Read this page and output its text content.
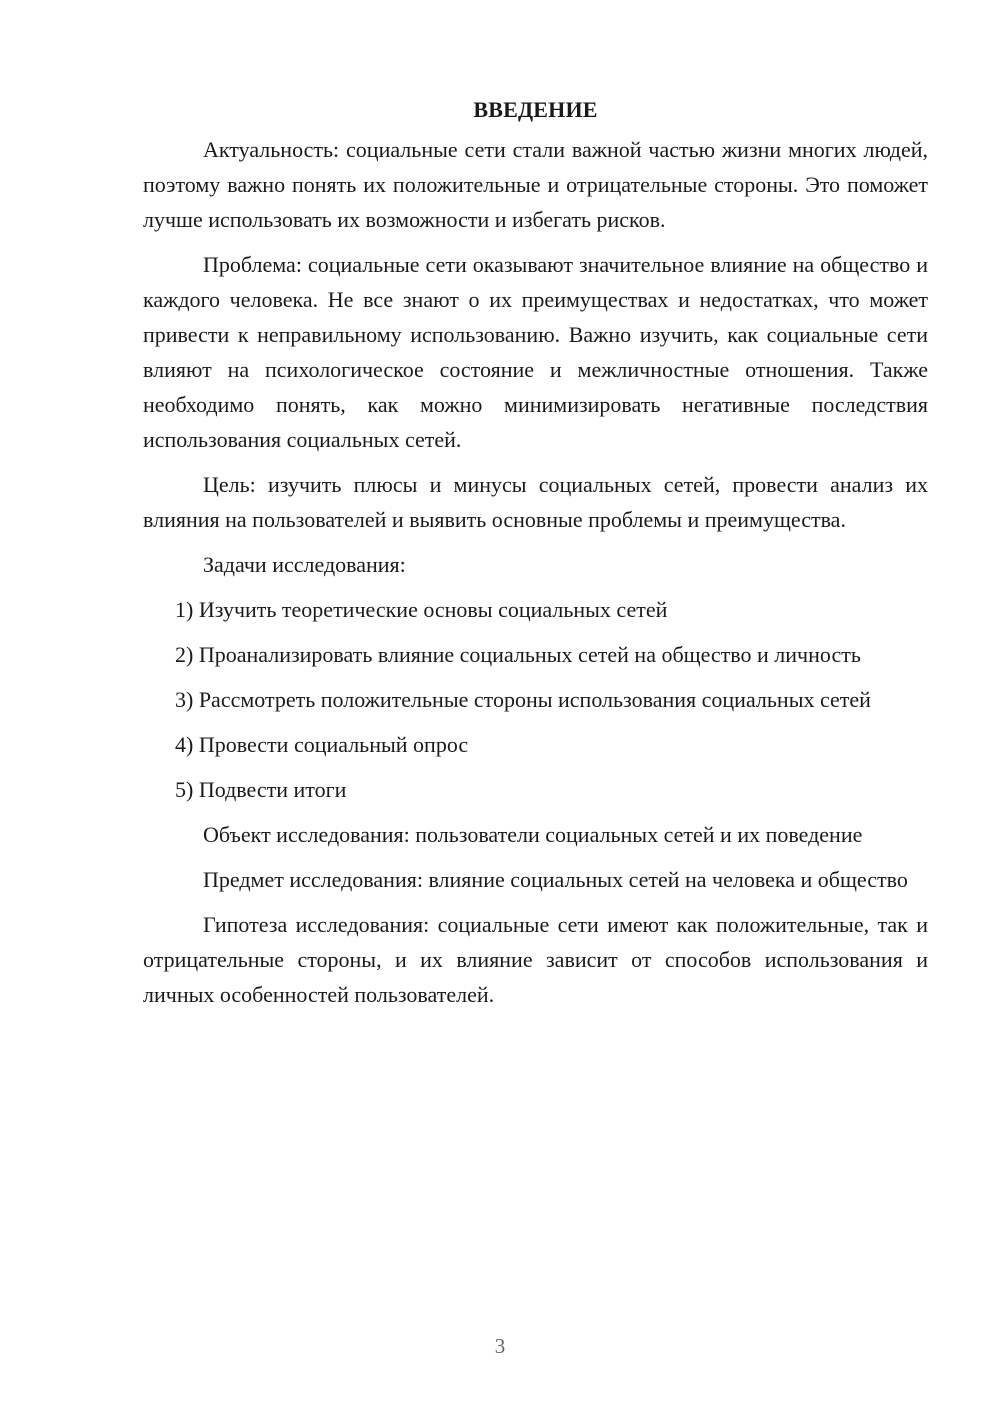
ВВЕДЕНИЕ

Актуальность: социальные сети стали важной частью жизни многих людей, поэтому важно понять их положительные и отрицательные стороны. Это поможет лучше использовать их возможности и избегать рисков.

Проблема: социальные сети оказывают значительное влияние на общество и каждого человека. Не все знают о их преимуществах и недостатках, что может привести к неправильному использованию. Важно изучить, как социальные сети влияют на психологическое состояние и межличностные отношения. Также необходимо понять, как можно минимизировать негативные последствия использования социальных сетей.

Цель: изучить плюсы и минусы социальных сетей, провести анализ их влияния на пользователей и выявить основные проблемы и преимущества.

Задачи исследования:

1) Изучить теоретические основы социальных сетей

2) Проанализировать влияние социальных сетей на общество и личность

3) Рассмотреть положительные стороны использования социальных сетей

4) Провести социальный опрос

5) Подвести итоги

Объект исследования: пользователи социальных сетей и их поведение

Предмет исследования: влияние социальных сетей на человека и общество

Гипотеза исследования: социальные сети имеют как положительные, так и отрицательные стороны, и их влияние зависит от способов использования и личных особенностей пользователей.

3
